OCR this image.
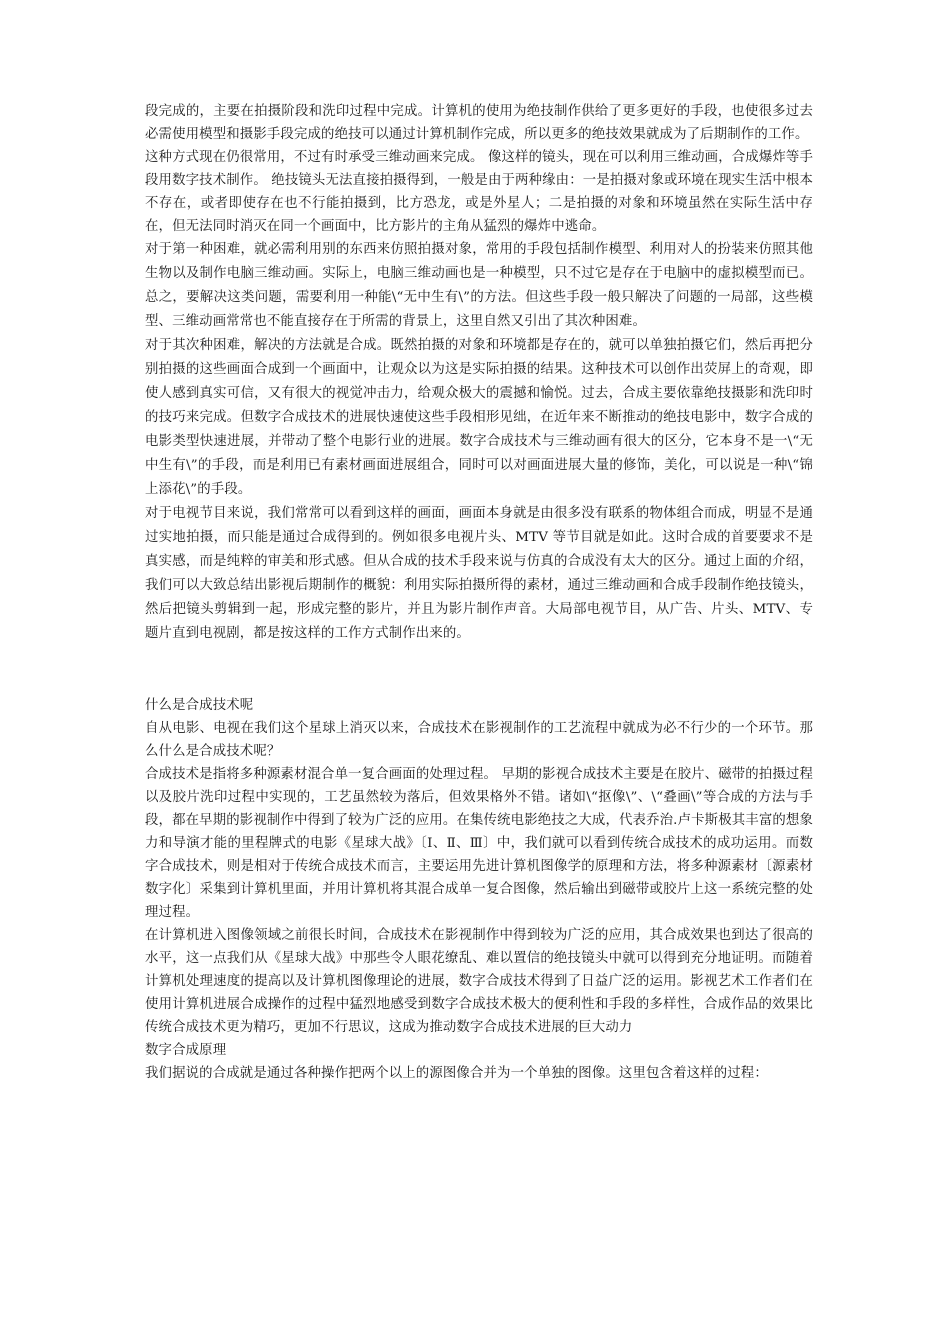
段完成的，主要在拍摄阶段和洗印过程中完成。计算机的使用为绝技制作供给了更多更好的手段，也使很多过去必需使用模型和摄影手段完成的绝技可以通过计算机制作完成，所以更多的绝技效果就成为了后期制作的工作。

这种方式现在仍很常用，不过有时承受三维动画来完成。 像这样的镜头，现在可以利用三维动画，合成爆炸等手段用数字技术制作。 绝技镜头无法直接拍摄得到，一般是由于两种缘由：一是拍摄对象或环境在现实生活中根本不存在，或者即使存在也不行能拍摄到，比方恐龙，或是外星人；二是拍摄的对象和环境虽然在实际生活中存在，但无法同时消灭在同一个画面中，比方影片的主角从猛烈的爆炸中逃命。

对于第一种困难，就必需利用别的东西来仿照拍摄对象，常用的手段包括制作模型、利用对人的扮装来仿照其他生物以及制作电脑三维动画。实际上，电脑三维动画也是一种模型，只不过它是存在于电脑中的虚拟模型而已。总之，要解决这类问题，需要利用一种能\“无中生有\”的方法。但这些手段一般只解决了问题的一局部，这些模型、三维动画常常也不能直接存在于所需的背景上，这里自然又引出了其次种困难。

对于其次种困难，解决的方法就是合成。既然拍摄的对象和环境都是存在的，就可以单独拍摄它们，然后再把分别拍摄的这些画面合成到一个画面中，让观众以为这是实际拍摄的结果。这种技术可以创作出荧屏上的奇观，即使人感到真实可信，又有很大的视觉冲击力，给观众极大的震撼和愉悦。过去，合成主要依靠绝技摄影和洗印时的技巧来完成。但数字合成技术的进展快速使这些手段相形见绌，在近年来不断推动的绝技电影中，数字合成的电影类型快速进展，并带动了整个电影行业的进展。数字合成技术与三维动画有很大的区分，它本身不是一\“无中生有\”的手段，而是利用已有素材画面进展组合，同时可以对画面进展大量的修饰，美化，可以说是一种\“锦上添花\”的手段。

对于电视节目来说，我们常常可以看到这样的画面，画面本身就是由很多没有联系的物体组合而成，明显不是通过实地拍摄，而只能是通过合成得到的。例如很多电视片头、MTV 等节目就是如此。这时合成的首要要求不是真实感，而是纯粹的审美和形式感。但从合成的技术手段来说与仿真的合成没有太大的区分。通过上面的介绍，我们可以大致总结出影视后期制作的概貌：利用实际拍摄所得的素材，通过三维动画和合成手段制作绝技镜头，然后把镜头剪辑到一起，形成完整的影片，并且为影片制作声音。大局部电视节目，从广告、片头、MTV、专题片直到电视剧，都是按这样的工作方式制作出来的。

什么是合成技术呢

自从电影、电视在我们这个星球上消灭以来，合成技术在影视制作的工艺流程中就成为必不行少的一个环节。那么什么是合成技术呢？

合成技术是指将多种源素材混合单一复合画面的处理过程。 早期的影视合成技术主要是在胶片、磁带的拍摄过程以及胶片洗印过程中实现的，工艺虽然较为落后，但效果格外不错。诸如\“抠像\”、\“叠画\”等合成的方法与手段，都在早期的影视制作中得到了较为广泛的应用。在集传统电影绝技之大成，代表乔治.卢卡斯极其丰富的想象力和导演才能的里程牌式的电影《星球大战》〔Ⅰ、Ⅱ、Ⅲ〕中，我们就可以看到传统合成技术的成功运用。而数字合成技术，则是相对于传统合成技术而言，主要运用先进计算机图像学的原理和方法，将多种源素材〔源素材数字化〕采集到计算机里面，并用计算机将其混合成单一复合图像，然后输出到磁带或胶片上这一系统完整的处理过程。

在计算机进入图像领域之前很长时间，合成技术在影视制作中得到较为广泛的应用，其合成效果也到达了很高的水平，这一点我们从《星球大战》中那些令人眼花缭乱、难以置信的绝技镜头中就可以得到充分地证明。而随着计算机处理速度的提高以及计算机图像理论的进展，数字合成技术得到了日益广泛的运用。影视艺术工作者们在使用计算机进展合成操作的过程中猛烈地感受到数字合成技术极大的便利性和手段的多样性，合成作品的效果比传统合成技术更为精巧，更加不行思议，这成为推动数字合成技术进展的巨大动力

数字合成原理

我们据说的合成就是通过各种操作把两个以上的源图像合并为一个单独的图像。这里包含着这样的过程：
